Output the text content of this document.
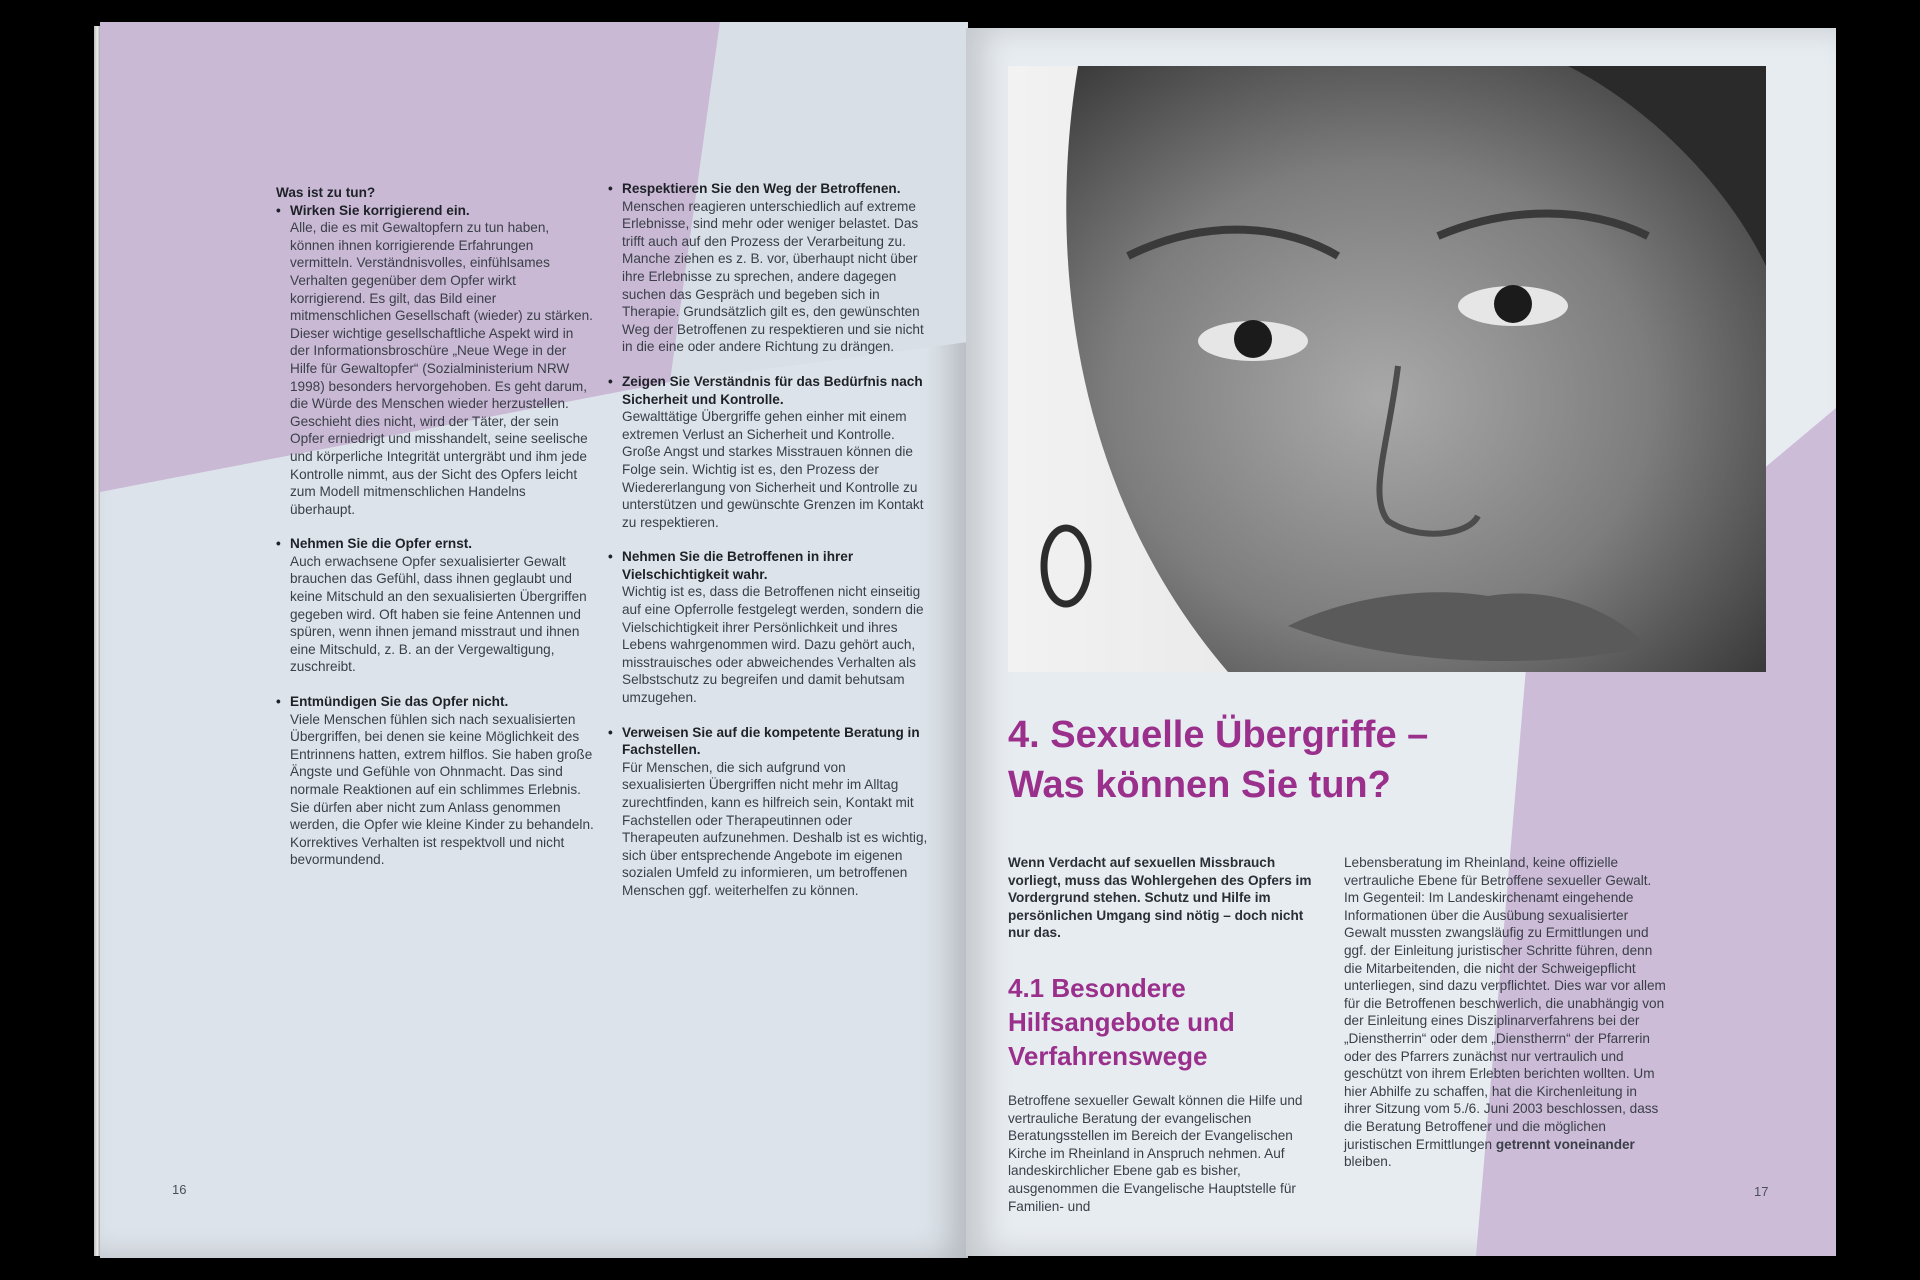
Was ist zu tun?
• Wirken Sie korrigierend ein.
Alle, die es mit Gewaltopfern zu tun haben, können ihnen korrigierende Erfahrungen vermitteln. Verständnisvolles, einfühlsames Verhalten gegenüber dem Opfer wirkt korrigierend. Es gilt, das Bild einer mitmenschlichen Gesellschaft (wieder) zu stärken. Dieser wichtige gesellschaftliche Aspekt wird in der Informationsbroschüre „Neue Wege in der Hilfe für Gewaltopfer“ (Sozialministerium NRW 1998) besonders hervorgehoben. Es geht darum, die Würde des Menschen wieder herzustellen. Geschieht dies nicht, wird der Täter, der sein Opfer erniedrigt und misshandelt, seine seelische und körperliche Integrität untergräbt und ihm jede Kontrolle nimmt, aus der Sicht des Opfers leicht zum Modell mitmenschlichen Handelns überhaupt.
• Nehmen Sie die Opfer ernst.
Auch erwachsene Opfer sexualisierter Gewalt brauchen das Gefühl, dass ihnen geglaubt und keine Mitschuld an den sexualisierten Übergriffen gegeben wird. Oft haben sie feine Antennen und spüren, wenn ihnen jemand misstraut und ihnen eine Mitschuld, z. B. an der Vergewaltigung, zuschreibt.
• Entmündigen Sie das Opfer nicht.
Viele Menschen fühlen sich nach sexualisierten Übergriffen, bei denen sie keine Möglichkeit des Entrinnens hatten, extrem hilflos. Sie haben große Ängste und Gefühle von Ohnmacht. Das sind normale Reaktionen auf ein schlimmes Erlebnis. Sie dürfen aber nicht zum Anlass genommen werden, die Opfer wie kleine Kinder zu behandeln. Korrektives Verhalten ist respektvoll und nicht bevormundend.
• Respektieren Sie den Weg der Betroffenen.
Menschen reagieren unterschiedlich auf extreme Erlebnisse, sind mehr oder weniger belastet. Das trifft auch auf den Prozess der Verarbeitung zu. Manche ziehen es z. B. vor, überhaupt nicht über ihre Erlebnisse zu sprechen, andere dagegen suchen das Gespräch und begeben sich in Therapie. Grundsätzlich gilt es, den gewünschten Weg der Betroffenen zu respektieren und sie nicht in die eine oder andere Richtung zu drängen.
• Zeigen Sie Verständnis für das Bedürfnis nach Sicherheit und Kontrolle.
Gewalttätige Übergriffe gehen einher mit einem extremen Verlust an Sicherheit und Kontrolle. Große Angst und starkes Misstrauen können die Folge sein. Wichtig ist es, den Prozess der Wiedererlangung von Sicherheit und Kontrolle zu unterstützen und gewünschte Grenzen im Kontakt zu respektieren.
• Nehmen Sie die Betroffenen in ihrer Vielschichtigkeit wahr.
Wichtig ist es, dass die Betroffenen nicht einseitig auf eine Opferrolle festgelegt werden, sondern die Vielschichtigkeit ihrer Persönlichkeit und ihres Lebens wahrgenommen wird. Dazu gehört auch, misstrauisches oder abweichendes Verhalten als Selbstschutz zu begreifen und damit behutsam umzugehen.
• Verweisen Sie auf die kompetente Beratung in Fachstellen.
Für Menschen, die sich aufgrund von sexualisierten Übergriffen nicht mehr im Alltag zurechtfinden, kann es hilfreich sein, Kontakt mit Fachstellen oder Therapeutinnen oder Therapeuten aufzunehmen. Deshalb ist es wichtig, sich über entsprechende Angebote im eigenen sozialen Umfeld zu informieren, um betroffenen Menschen ggf. weiterhelfen zu können.
16
4. Sexuelle Übergriffe –
Was können Sie tun?
Wenn Verdacht auf sexuellen Missbrauch vorliegt, muss das Wohlergehen des Opfers im Vordergrund stehen. Schutz und Hilfe im persönlichen Umgang sind nötig – doch nicht nur das.
4.1 Besondere
Hilfsangebote und
Verfahrenswege
Betroffene sexueller Gewalt können die Hilfe und vertrauliche Beratung der evangelischen Beratungsstellen im Bereich der Evangelischen Kirche im Rheinland in Anspruch nehmen. Auf landeskirchlicher Ebene gab es bisher, ausgenommen die Evangelische Hauptstelle für Familien- und
Lebensberatung im Rheinland, keine offizielle vertrauliche Ebene für Betroffene sexueller Gewalt. Im Gegenteil: Im Landeskirchenamt eingehende Informationen über die Ausübung sexualisierter Gewalt mussten zwangsläufig zu Ermittlungen und ggf. der Einleitung juristischer Schritte führen, denn die Mitarbeitenden, die nicht der Schweigepflicht unterliegen, sind dazu verpflichtet. Dies war vor allem für die Betroffenen beschwerlich, die unabhängig von der Einleitung eines Disziplinarverfahrens bei der „Dienstherrin“ oder dem „Dienstherrn“ der Pfarrerin oder des Pfarrers zunächst nur vertraulich und geschützt von ihrem Erlebten berichten wollten. Um hier Abhilfe zu schaffen, hat die Kirchenleitung in ihrer Sitzung vom 5./6. Juni 2003 beschlossen, dass die Beratung Betroffener und die möglichen juristischen Ermittlungen getrennt voneinander bleiben.
17
